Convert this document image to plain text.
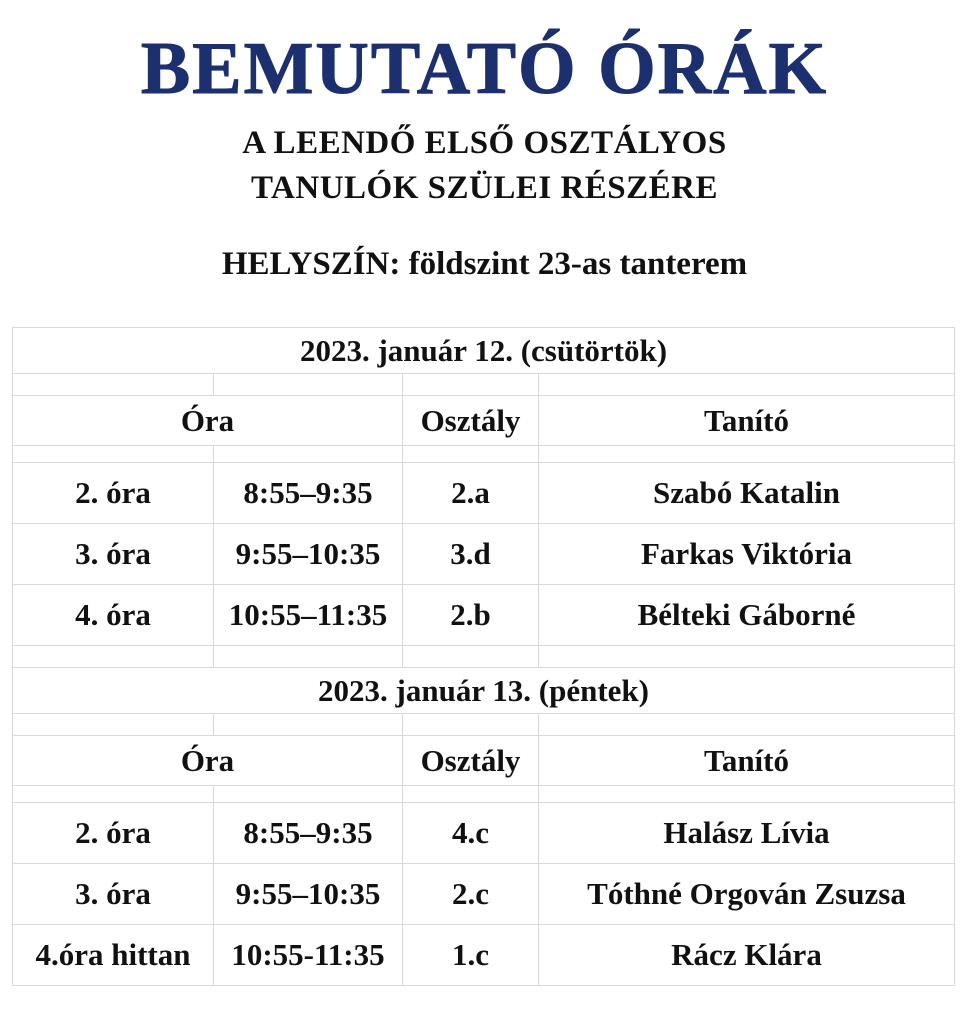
BEMUTATÓ ÓRÁK
A LEENDŐ ELSŐ OSZTÁLYOS
TANULÓK SZÜLEI RÉSZÉRE
HELYSZÍN: földszint 23-as tanterem
2023. január 12. (csütörtök)			

Óra		Osztály	Tanító

2. óra	8:55–9:35	2.a	Szabó Katalin
3. óra	9:55–10:35	3.d	Farkas Viktória
4. óra	10:55–11:35	2.b	Bélteki Gáborné

2023. január 13. (péntek)			

Óra		Osztály	Tanító

2. óra	8:55–9:35	4.c	Halász Lívia
3. óra	9:55–10:35	2.c	Tóthné Orgován Zsuzsa
4.óra hittan	10:55-11:35	1.c	Rácz Klára
